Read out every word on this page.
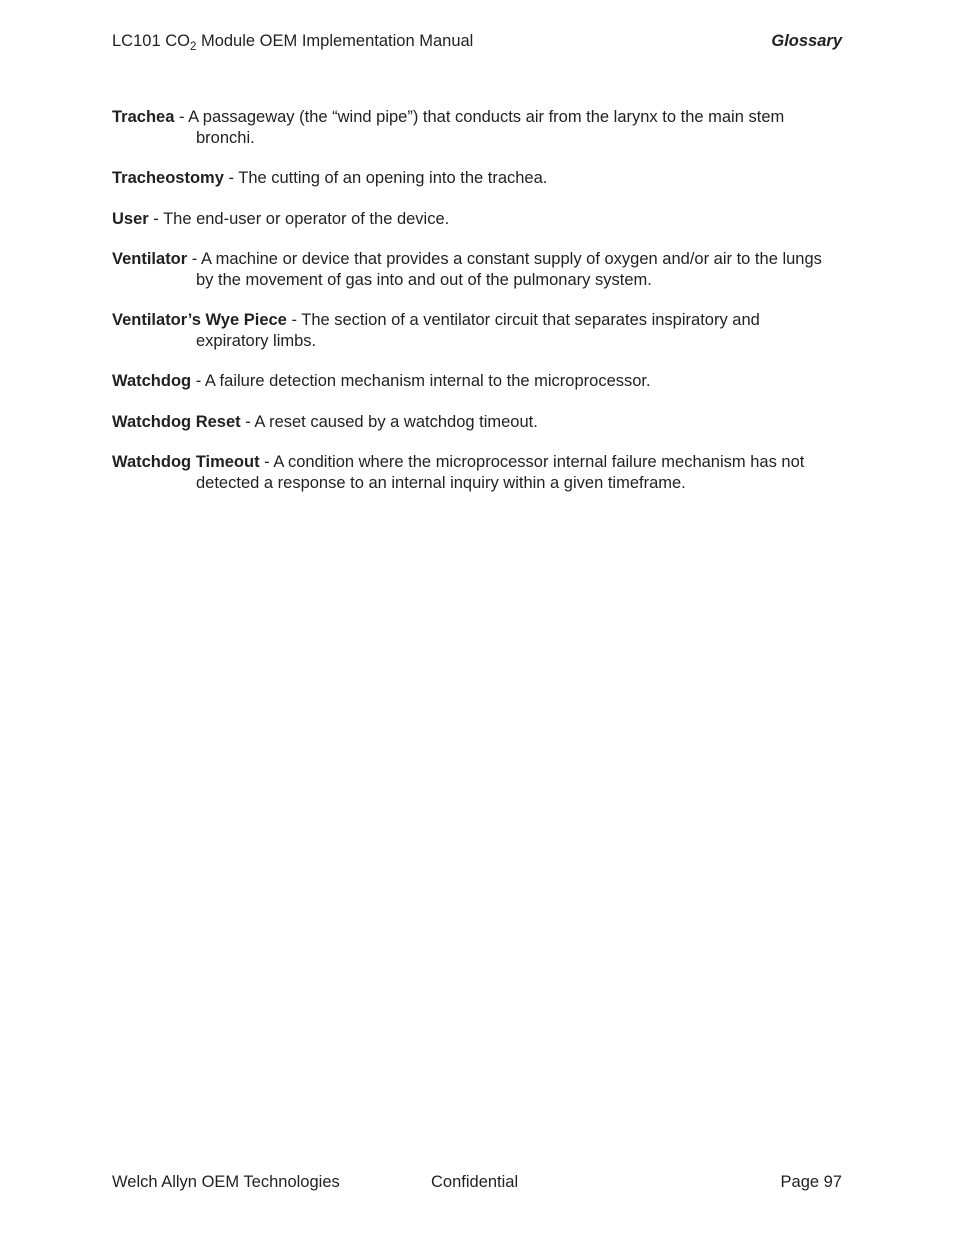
LC101 $CO_2$ Module OEM Implementation Manual	Glossary

Trachea - A passageway (the “wind pipe”) that conducts air from the larynx to the main stem bronchi.

Tracheostomy - The cutting of an opening into the trachea.

User - The end-user or operator of the device.

Ventilator - A machine or device that provides a constant supply of oxygen and/or air to the lungs by the movement of gas into and out of the pulmonary system.

Ventilator’s Wye Piece - The section of a ventilator circuit that separates inspiratory and expiratory limbs.

Watchdog - A failure detection mechanism internal to the microprocessor.

Watchdog Reset - A reset caused by a watchdog timeout.

Watchdog Timeout - A condition where the microprocessor internal failure mechanism has not detected a response to an internal inquiry within a given timeframe.

Welch Allyn OEM Technologies	Confidential	Page 97
